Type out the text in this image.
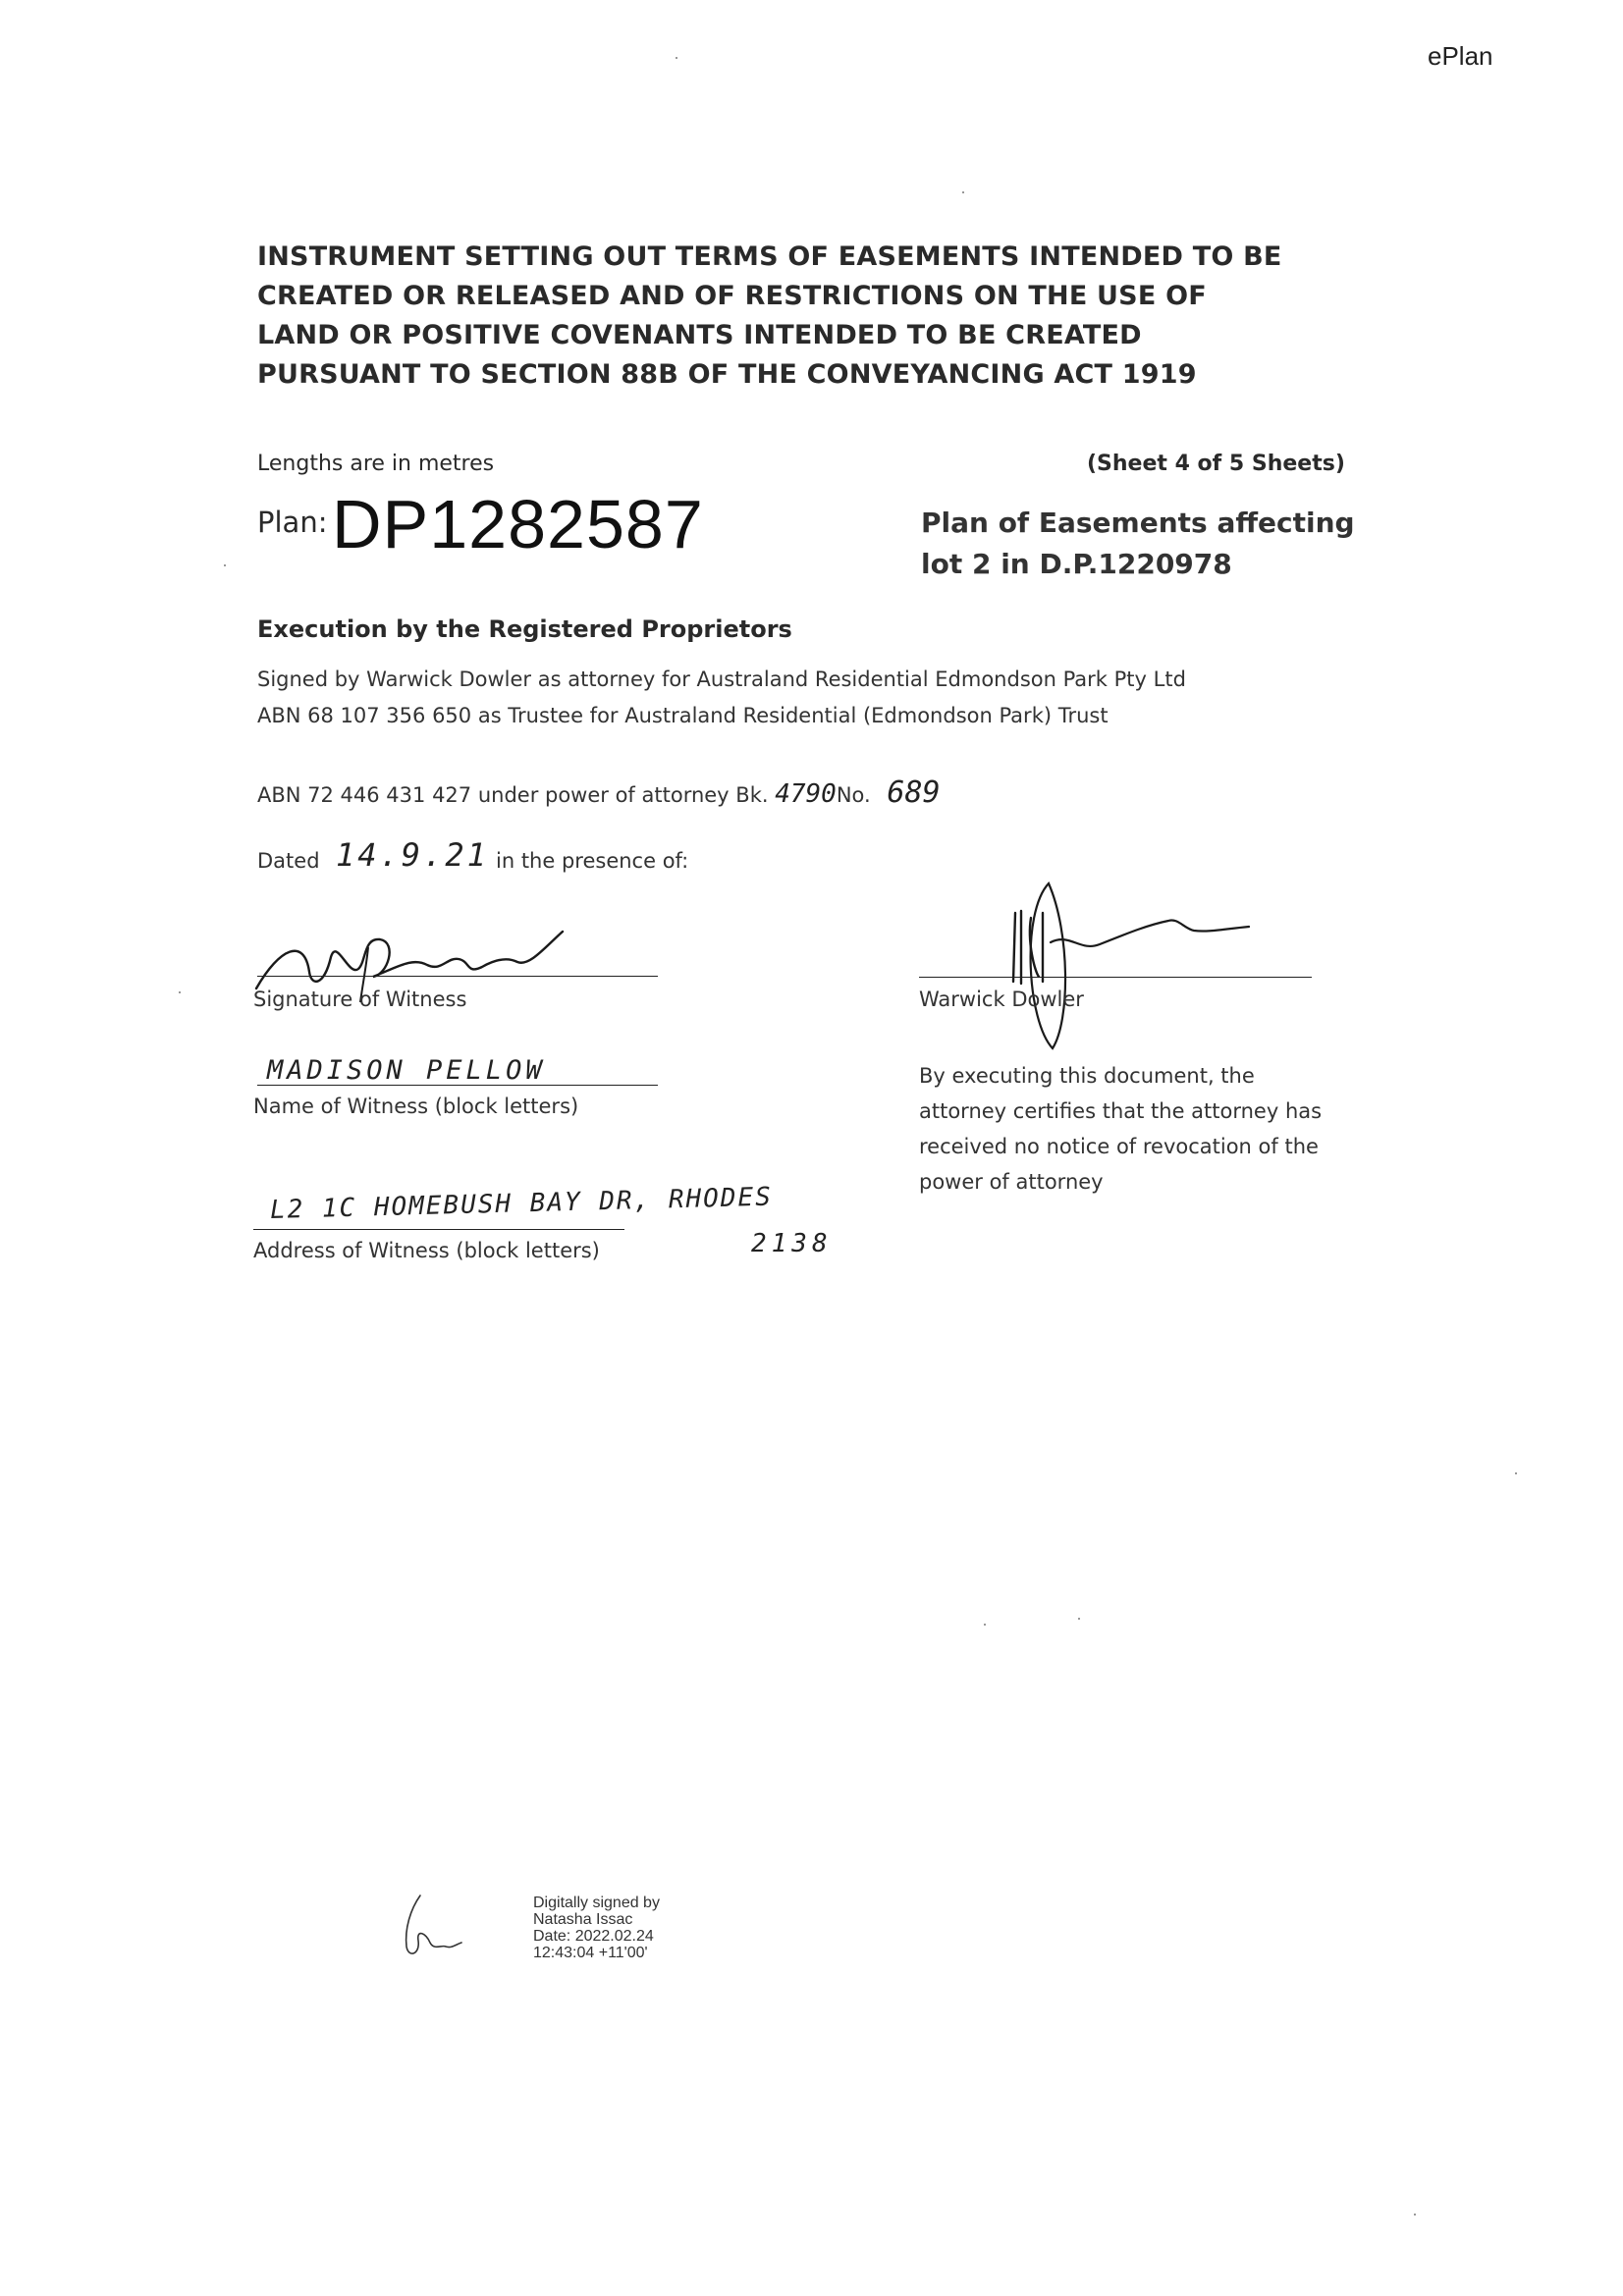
ePlan
INSTRUMENT SETTING OUT TERMS OF EASEMENTS INTENDED TO BE CREATED OR RELEASED AND OF RESTRICTIONS ON THE USE OF LAND OR POSITIVE COVENANTS INTENDED TO BE CREATED PURSUANT TO SECTION 88B OF THE CONVEYANCING ACT 1919
Lengths are in metres	(Sheet 4 of 5 Sheets)
Plan: DP1282587	Plan of Easements affecting lot 2 in D.P.1220978
Execution by the Registered Proprietors
Signed by Warwick Dowler as attorney for Australand Residential Edmondson Park Pty Ltd
ABN 68 107 356 650 as Trustee for Australand Residential (Edmondson Park) Trust
ABN 72 446 431 427 under power of attorney Bk. 4790No. 689
Dated 14.9.21 in the presence of:
Signature of Witness
MADISON PELLOW
Name of Witness (block letters)
L2 1C HOMEBUSH BAY DR, RHODES
Address of Witness (block letters)	2138
Warwick Dowler
By executing this document, the attorney certifies that the attorney has received no notice of revocation of the power of attorney
Digitally signed by
Natasha Issac
Date: 2022.02.24
12:43:04 +11'00'
